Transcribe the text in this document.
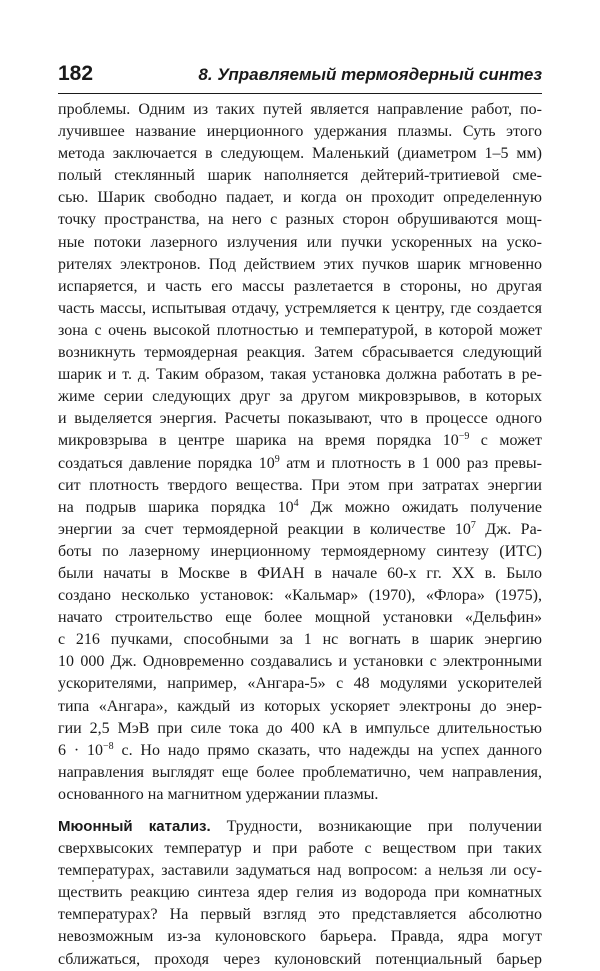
182	8. Управляемый термоядерный синтез
проблемы. Одним из таких путей является направление работ, по-
лучившее название инерционного удержания плазмы. Суть этого
метода заключается в следующем. Маленький (диаметром 1–5 мм)
полый стеклянный шарик наполняется дейтерий-тритиевой сме-
сью. Шарик свободно падает, и когда он проходит определенную
точку пространства, на него с разных сторон обрушиваются мощ-
ные потоки лазерного излучения или пучки ускоренных на уско-
рителях электронов. Под действием этих пучков шарик мгновенно
испаряется, и часть его массы разлетается в стороны, но другая
часть массы, испытывая отдачу, устремляется к центру, где создается
зона с очень высокой плотностью и температурой, в которой может
возникнуть термоядерная реакция. Затем сбрасывается следующий
шарик и т. д. Таким образом, такая установка должна работать в ре-
жиме серии следующих друг за другом микровзрывов, в которых
и выделяется энергия. Расчеты показывают, что в процессе одного
микровзрыва в центре шарика на время порядка $10^{-9}$ с может
создаться давление порядка $10^9$ атм и плотность в 1 000 раз превы-
сит плотность твердого вещества. При этом при затратах энергии
на подрыв шарика порядка $10^4$ Дж можно ожидать получение
энергии за счет термоядерной реакции в количестве $10^7$ Дж. Ра-
боты по лазерному инерционному термоядерному синтезу (ИТС)
были начаты в Москве в ФИАН в начале 60-х гг. XX в. Было
создано несколько установок: «Кальмар» (1970), «Флора» (1975),
начато строительство еще более мощной установки «Дельфин»
с 216 пучками, способными за 1 нс вогнать в шарик энергию
10 000 Дж. Одновременно создавались и установки с электронными
ускорителями, например, «Ангара-5» с 48 модулями ускорителей
типа «Ангара», каждый из которых ускоряет электроны до энер-
гии 2,5 МэВ при силе тока до 400 кА в импульсе длительностью
$6 \cdot 10^{-8}$ с. Но надо прямо сказать, что надежды на успех данного
направления выглядят еще более проблематично, чем направления,
основанного на магнитном удержании плазмы.
Мюонный катализ. Трудности, возникающие при получении
сверхвысоких температур и при работе с веществом при таких
температурах, заставили задуматься над вопросом: а нельзя ли осу-
ществить реакцию синтеза ядер гелия из водорода при комнатных
температурах? На первый взгляд это представляется абсолютно
невозможным из-за кулоновского барьера. Правда, ядра могут
сближаться, проходя через кулоновский потенциальный барьер
